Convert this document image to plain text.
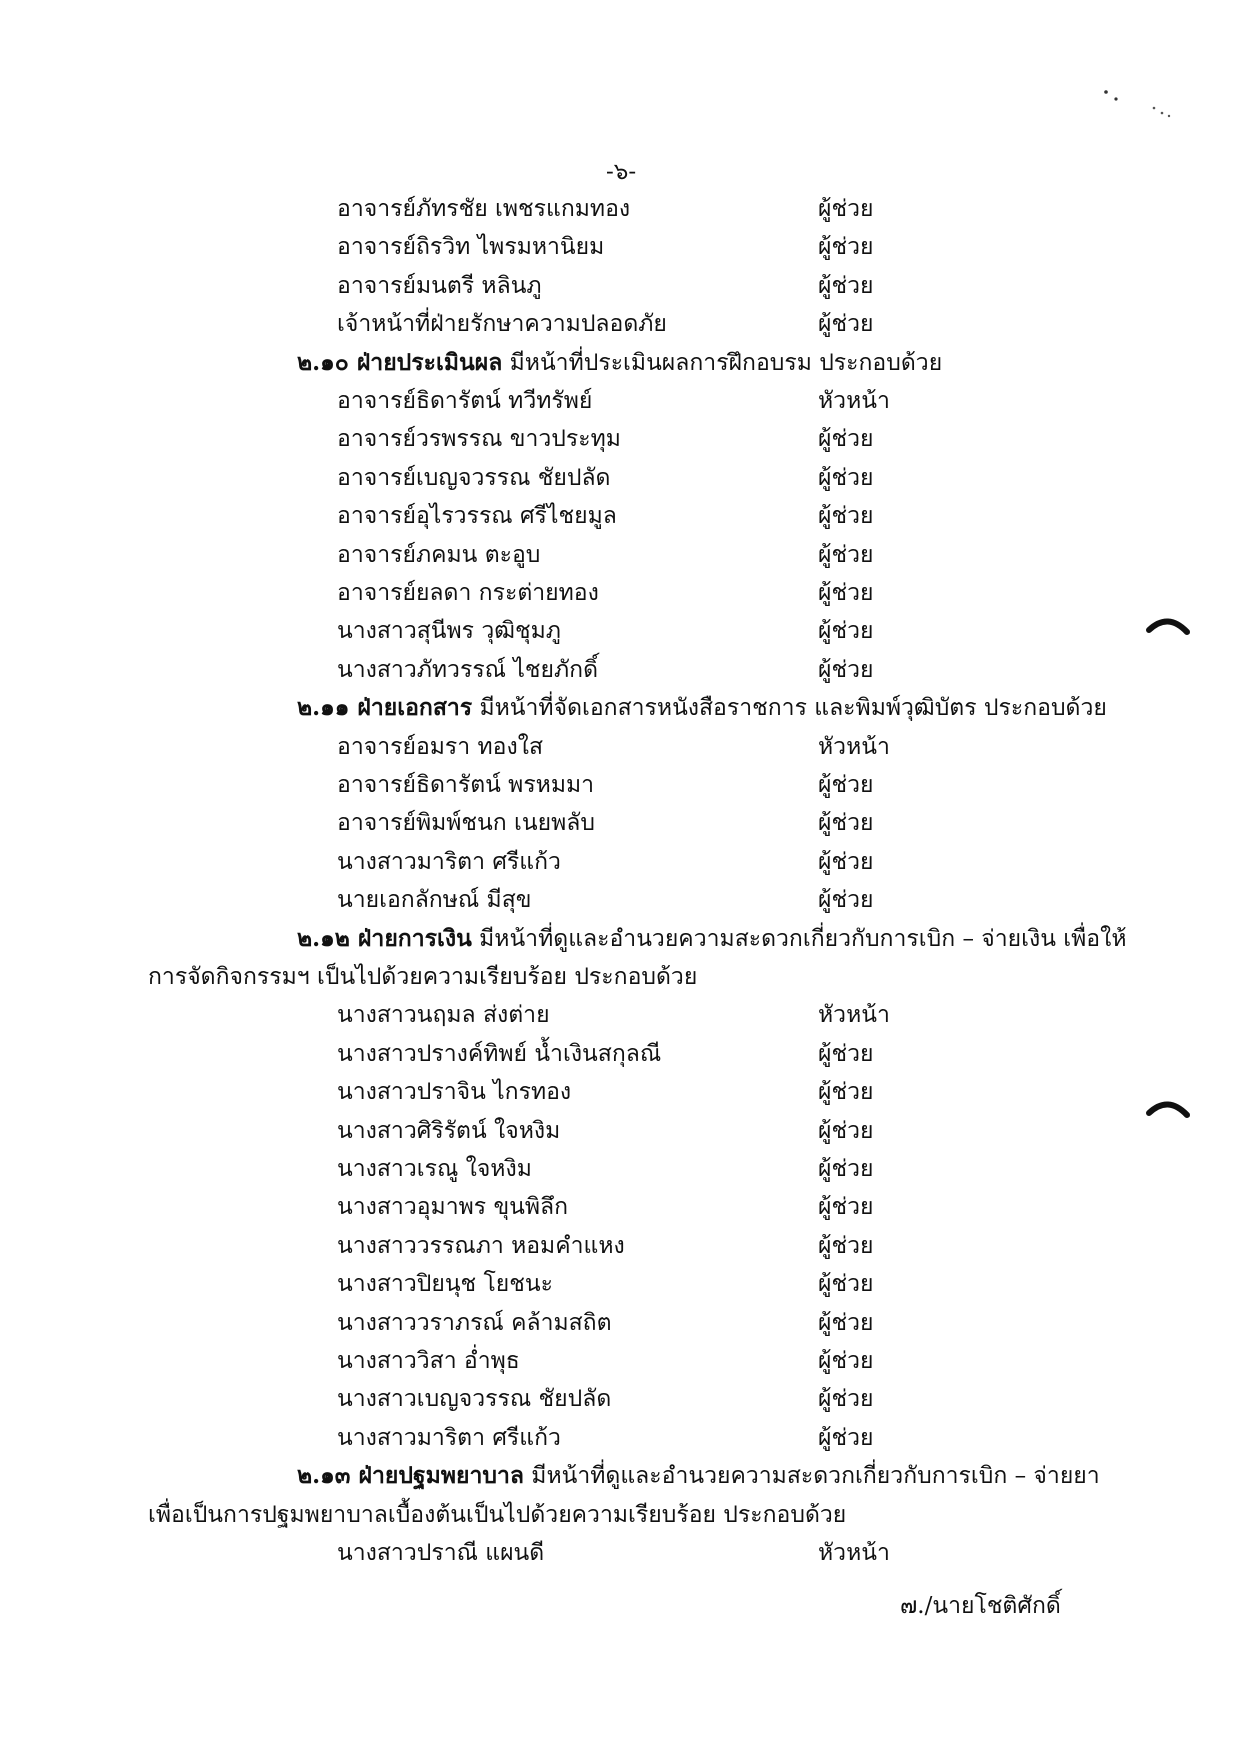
-๖-
อาจารย์ภัทรชัย เพชรแกมทอง	ผู้ช่วย
อาจารย์ถิรวิท ไพรมหานิยม	ผู้ช่วย
อาจารย์มนตรี หลินภู	ผู้ช่วย
เจ้าหน้าที่ฝ่ายรักษาความปลอดภัย	ผู้ช่วย
๒.๑๐ ฝ่ายประเมินผล มีหน้าที่ประเมินผลการฝึกอบรม ประกอบด้วย
อาจารย์ธิดารัตน์ ทวีทรัพย์	หัวหน้า
อาจารย์วรพรรณ ขาวประทุม	ผู้ช่วย
อาจารย์เบญจวรรณ ชัยปลัด	ผู้ช่วย
อาจารย์อุไรวรรณ ศรีไชยมูล	ผู้ช่วย
อาจารย์ภคมน ตะอูบ	ผู้ช่วย
อาจารย์ยลดา กระต่ายทอง	ผู้ช่วย
นางสาวสุนีพร วุฒิชุมภู	ผู้ช่วย
นางสาวภัทวรรณ์ ไชยภักดิ์	ผู้ช่วย
๒.๑๑ ฝ่ายเอกสาร มีหน้าที่จัดเอกสารหนังสือราชการ และพิมพ์วุฒิบัตร ประกอบด้วย
อาจารย์อมรา ทองใส	หัวหน้า
อาจารย์ธิดารัตน์ พรหมมา	ผู้ช่วย
อาจารย์พิมพ์ชนก เนยพลับ	ผู้ช่วย
นางสาวมาริตา ศรีแก้ว	ผู้ช่วย
นายเอกลักษณ์ มีสุข	ผู้ช่วย
๒.๑๒ ฝ่ายการเงิน มีหน้าที่ดูและอำนวยความสะดวกเกี่ยวกับการเบิก – จ่ายเงิน เพื่อให้
การจัดกิจกรรมฯ เป็นไปด้วยความเรียบร้อย ประกอบด้วย
นางสาวนฤมล ส่งต่าย	หัวหน้า
นางสาวปรางค์ทิพย์ น้ำเงินสกุลณี	ผู้ช่วย
นางสาวปราจิน ไกรทอง	ผู้ช่วย
นางสาวศิริรัตน์ ใจหงิม	ผู้ช่วย
นางสาวเรณู ใจหงิม	ผู้ช่วย
นางสาวอุมาพร ขุนพิลึก	ผู้ช่วย
นางสาววรรณภา หอมคำแหง	ผู้ช่วย
นางสาวปิยนุช โยชนะ	ผู้ช่วย
นางสาววราภรณ์ คล้ามสถิต	ผู้ช่วย
นางสาววิสา อ่ำพุธ	ผู้ช่วย
นางสาวเบญจวรรณ ชัยปลัด	ผู้ช่วย
นางสาวมาริตา ศรีแก้ว	ผู้ช่วย
๒.๑๓ ฝ่ายปฐมพยาบาล มีหน้าที่ดูและอำนวยความสะดวกเกี่ยวกับการเบิก – จ่ายยา
เพื่อเป็นการปฐมพยาบาลเบื้องต้นเป็นไปด้วยความเรียบร้อย ประกอบด้วย
นางสาวปราณี แผนดี	หัวหน้า
๗./นายโชติศักดิ์
